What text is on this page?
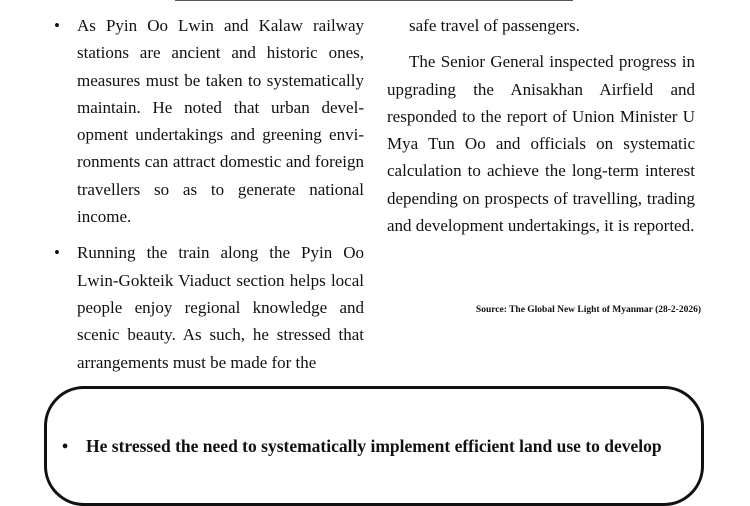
• As Pyin Oo Lwin and Kalaw railway stations are ancient and historic ones, measures must be taken to systematically maintain. He noted that urban development undertakings and greening environments can attract domestic and foreign travellers so as to generate national income.
• Running the train along the Pyin Oo Lwin-Gokteik Viaduct section helps local people enjoy regional knowledge and scenic beauty. As such, he stressed that arrangements must be made for the

safe travel of passengers.

The Senior General inspected progress in upgrading the Anisakhan Airfield and responded to the report of Union Minister U Mya Tun Oo and officials on systematic calculation to achieve the long-term interest depending on prospects of travelling, trading and development undertakings, it is reported.

Source: The Global New Light of Myanmar (28-2-2026)
• He stressed the need to systematically implement efficient land use to develop
